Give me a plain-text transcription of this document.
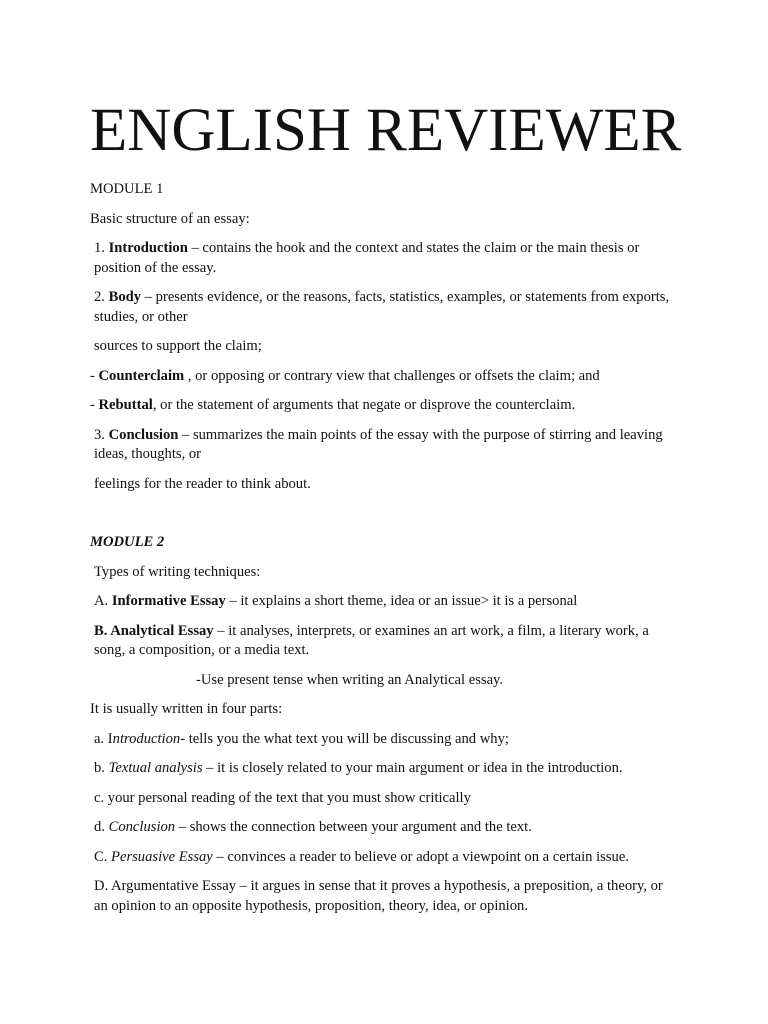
ENGLISH REVIEWER

MODULE 1

Basic structure of an essay:

1. Introduction – contains the hook and the context and states the claim or the main thesis or position of the essay.

2. Body – presents evidence, or the reasons, facts, statistics, examples, or statements from exports, studies, or other

sources to support the claim;

- Counterclaim , or opposing or contrary view that challenges or offsets the claim; and

- Rebuttal, or the statement of arguments that negate or disprove the counterclaim.

3. Conclusion – summarizes the main points of the essay with the purpose of stirring and leaving ideas, thoughts, or

feelings for the reader to think about.

MODULE 2

Types of writing techniques:

A. Informative Essay – it explains a short theme, idea or an issue> it is a personal

B. Analytical Essay – it analyses, interprets, or examines an art work, a film, a literary work, a song, a composition, or a media text.

-Use present tense when writing an Analytical essay.

It is usually written in four parts:

a. Introduction- tells you the what text you will be discussing and why;

b. Textual analysis – it is closely related to your main argument or idea in the introduction.

c. your personal reading of the text that you must show critically

d. Conclusion – shows the connection between your argument and the text.

C. Persuasive Essay – convinces a reader to believe or adopt a viewpoint on a certain issue.

D. Argumentative Essay – it argues in sense that it proves a hypothesis, a preposition, a theory, or an opinion to an opposite hypothesis, proposition, theory, idea, or opinion.
